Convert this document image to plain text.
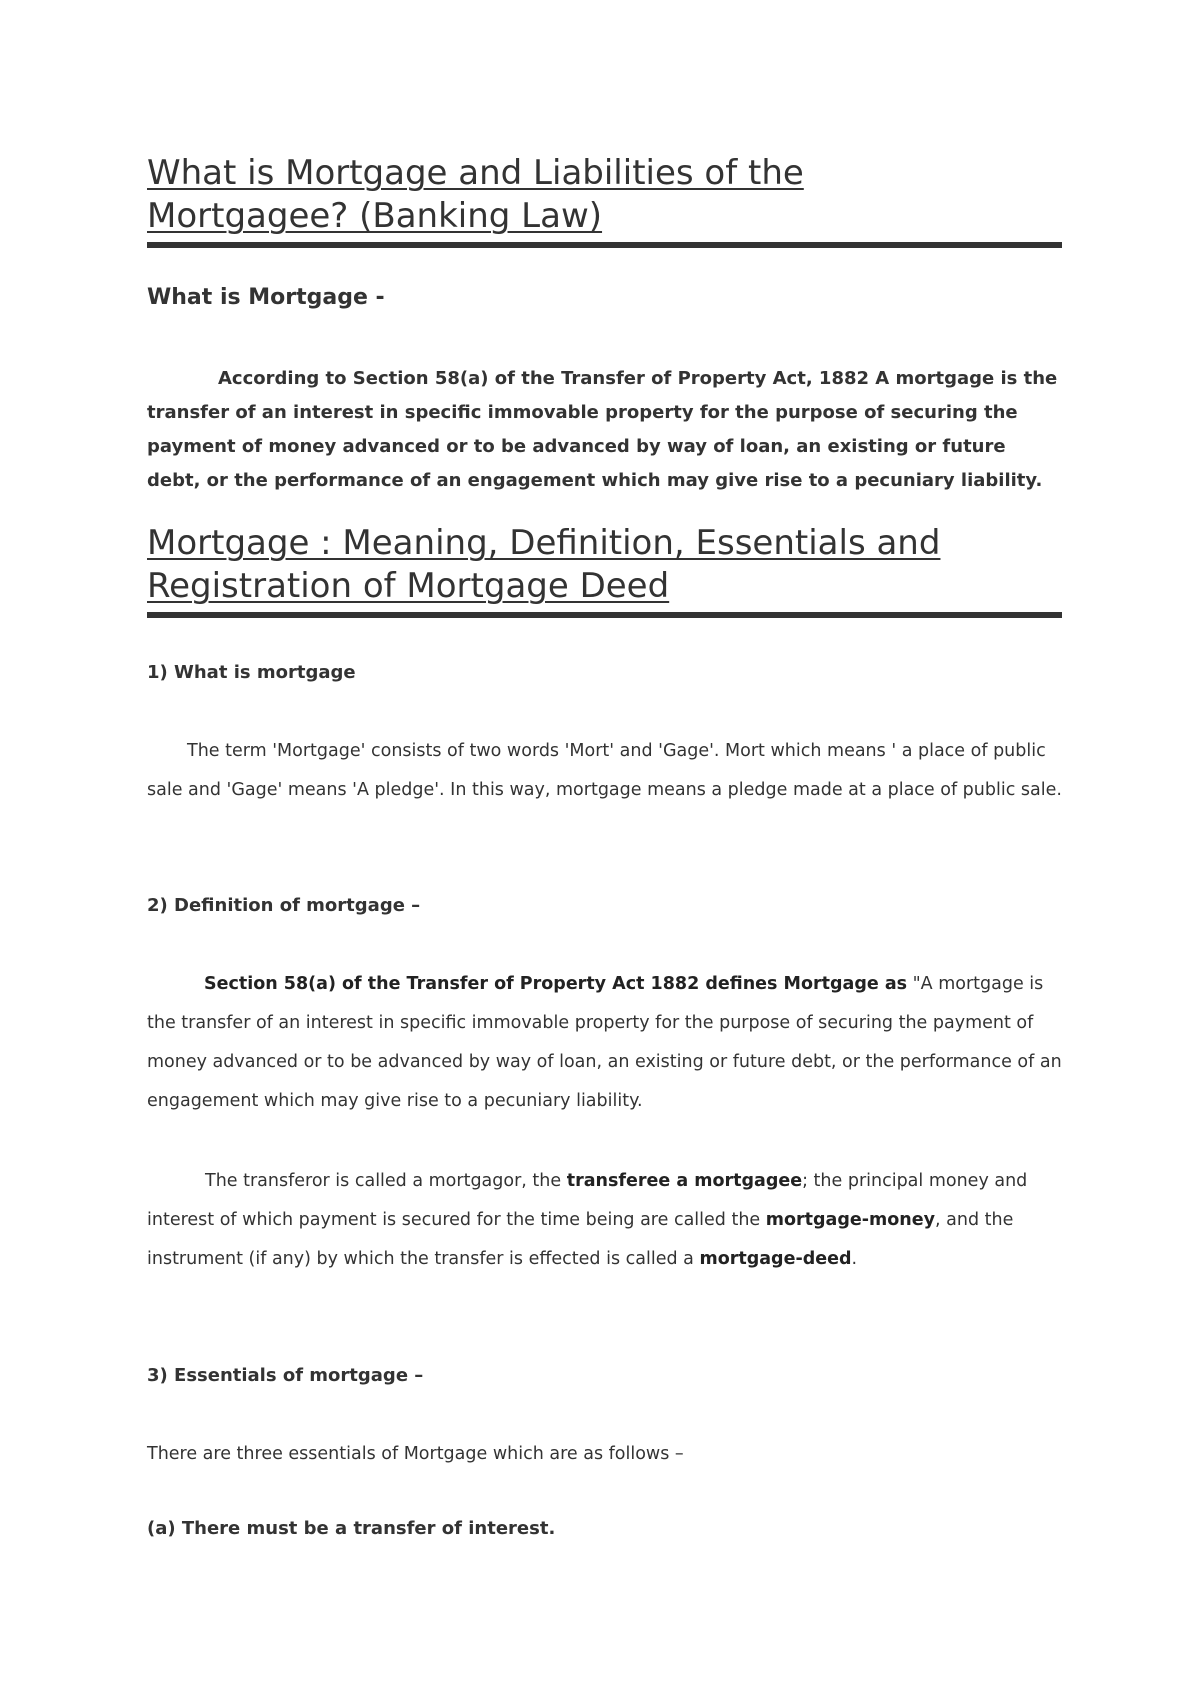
What is Mortgage and Liabilities of the
Mortgagee? (Banking Law)
What is Mortgage -

According to Section 58(a) of the Transfer of Property Act, 1882 A mortgage is the transfer of an interest in specific immovable property for the purpose of securing the payment of money advanced or to be advanced by way of loan, an existing or future debt, or the performance of an engagement which may give rise to a pecuniary liability.

Mortgage : Meaning, Definition, Essentials and
Registration of Mortgage Deed
1) What is mortgage

The term 'Mortgage' consists of two words 'Mort' and 'Gage'. Mort which means ' a place of public sale and 'Gage' means 'A pledge'. In this way, mortgage means a pledge made at a place of public sale.

2) Definition of mortgage –

Section 58(a) of the Transfer of Property Act 1882 defines Mortgage as "A mortgage is the transfer of an interest in specific immovable property for the purpose of securing the payment of money advanced or to be advanced by way of loan, an existing or future debt, or the performance of an engagement which may give rise to a pecuniary liability.

The transferor is called a mortgagor, the transferee a mortgagee; the principal money and interest of which payment is secured for the time being are called the mortgage-money, and the instrument (if any) by which the transfer is effected is called a mortgage-deed.

3) Essentials of mortgage –

There are three essentials of Mortgage which are as follows –

(a) There must be a transfer of interest.
